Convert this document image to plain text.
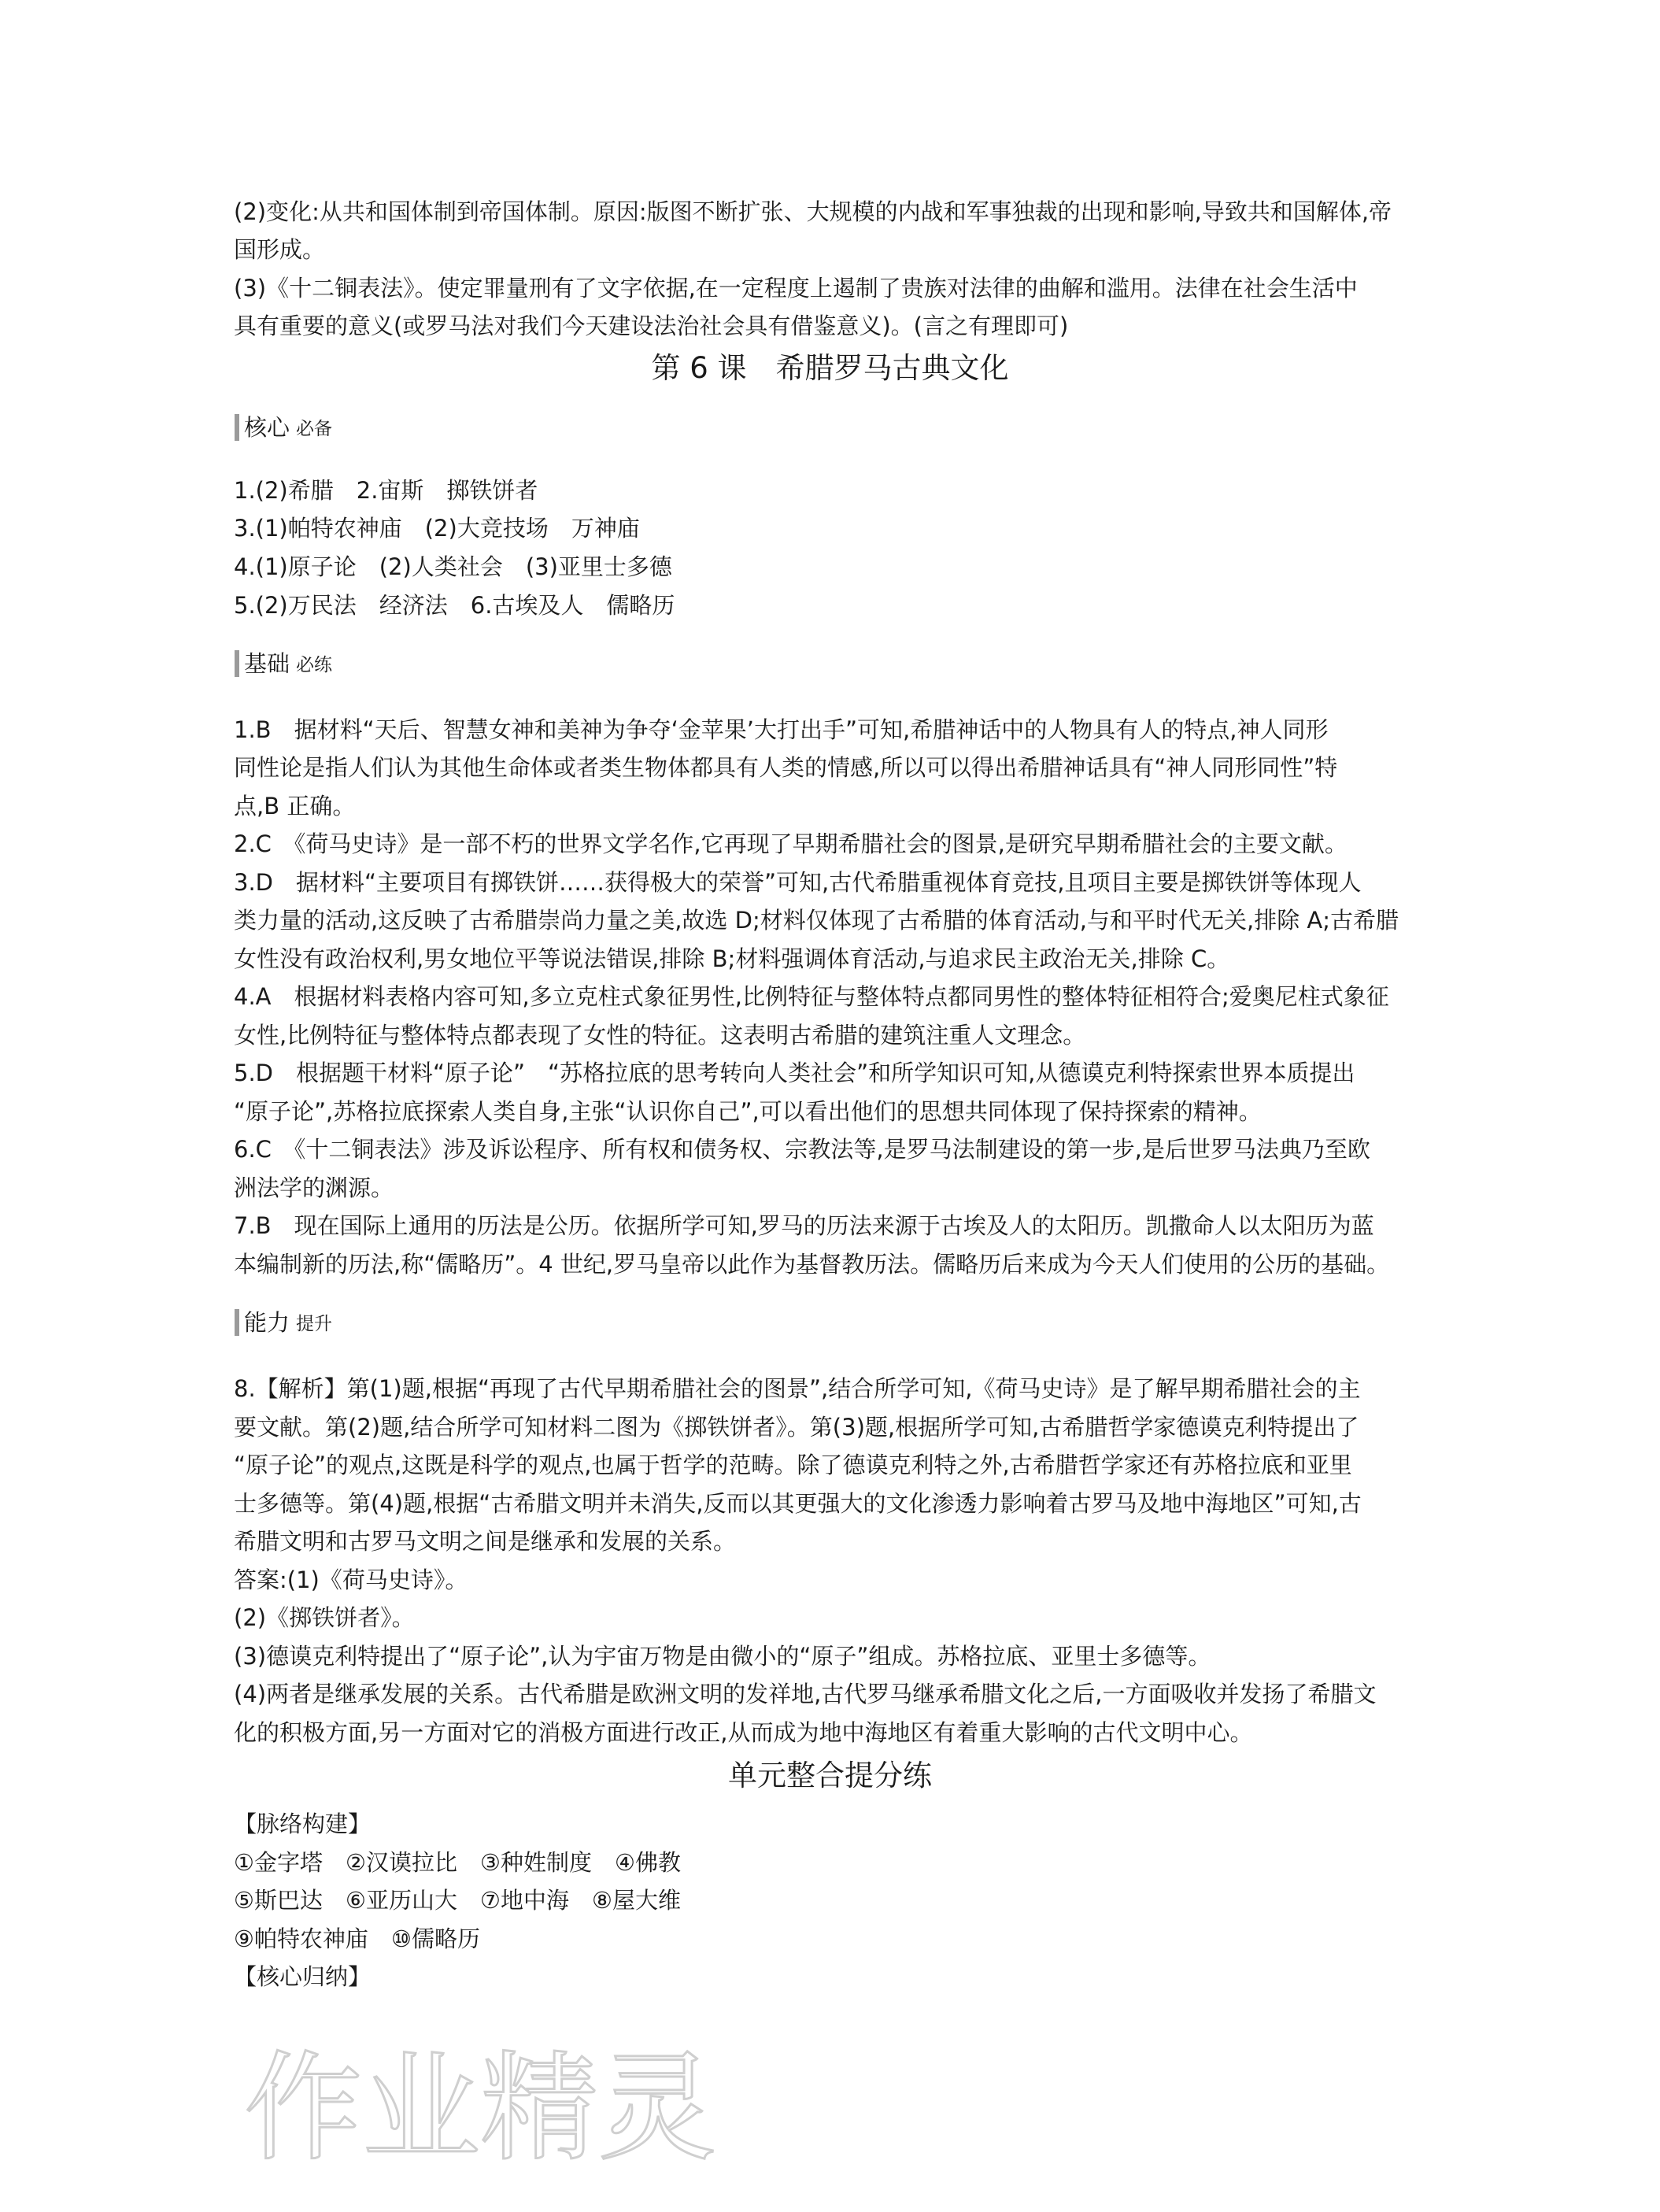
(2)变化:从共和国体制到帝国体制。原因:版图不断扩张、大规模的内战和军事独裁的出现和影响,导致共和国解体,帝
国形成。
(3)《十二铜表法》。使定罪量刑有了文字依据,在一定程度上遏制了贵族对法律的曲解和滥用。法律在社会生活中
具有重要的意义(或罗马法对我们今天建设法治社会具有借鉴意义)。(言之有理即可)
第 6 课　希腊罗马古典文化
核心 必备
1.(2)希腊　2.宙斯　掷铁饼者
3.(1)帕特农神庙　(2)大竞技场　万神庙
4.(1)原子论　(2)人类社会　(3)亚里士多德
5.(2)万民法　经济法　6.古埃及人　儒略历
基础 必练
1.B　据材料“天后、智慧女神和美神为争夺‘金苹果’大打出手”可知,希腊神话中的人物具有人的特点,神人同形
同性论是指人们认为其他生命体或者类生物体都具有人类的情感,所以可以得出希腊神话具有“神人同形同性”特
点,B 正确。
2.C　《荷马史诗》是一部不朽的世界文学名作,它再现了早期希腊社会的图景,是研究早期希腊社会的主要文献。
3.D　据材料“主要项目有掷铁饼……获得极大的荣誉”可知,古代希腊重视体育竞技,且项目主要是掷铁饼等体现人
类力量的活动,这反映了古希腊崇尚力量之美,故选 D;材料仅体现了古希腊的体育活动,与和平时代无关,排除 A;古希腊
女性没有政治权利,男女地位平等说法错误,排除 B;材料强调体育活动,与追求民主政治无关,排除 C。
4.A　根据材料表格内容可知,多立克柱式象征男性,比例特征与整体特点都同男性的整体特征相符合;爱奥尼柱式象征
女性,比例特征与整体特点都表现了女性的特征。这表明古希腊的建筑注重人文理念。
5.D　根据题干材料“原子论”　“苏格拉底的思考转向人类社会”和所学知识可知,从德谟克利特探索世界本质提出
“原子论”,苏格拉底探索人类自身,主张“认识你自己”,可以看出他们的思想共同体现了保持探索的精神。
6.C　《十二铜表法》涉及诉讼程序、所有权和债务权、宗教法等,是罗马法制建设的第一步,是后世罗马法典乃至欧
洲法学的渊源。
7.B　现在国际上通用的历法是公历。依据所学可知,罗马的历法来源于古埃及人的太阳历。凯撒命人以太阳历为蓝
本编制新的历法,称“儒略历”。4 世纪,罗马皇帝以此作为基督教历法。儒略历后来成为今天人们使用的公历的基础。
能力 提升
8.【解析】第(1)题,根据“再现了古代早期希腊社会的图景”,结合所学可知,《荷马史诗》是了解早期希腊社会的主
要文献。第(2)题,结合所学可知材料二图为《掷铁饼者》。第(3)题,根据所学可知,古希腊哲学家德谟克利特提出了
“原子论”的观点,这既是科学的观点,也属于哲学的范畴。除了德谟克利特之外,古希腊哲学家还有苏格拉底和亚里
士多德等。第(4)题,根据“古希腊文明并未消失,反而以其更强大的文化渗透力影响着古罗马及地中海地区”可知,古
希腊文明和古罗马文明之间是继承和发展的关系。
答案:(1)《荷马史诗》。
(2)《掷铁饼者》。
(3)德谟克利特提出了“原子论”,认为宇宙万物是由微小的“原子”组成。苏格拉底、亚里士多德等。
(4)两者是继承发展的关系。古代希腊是欧洲文明的发祥地,古代罗马继承希腊文化之后,一方面吸收并发扬了希腊文
化的积极方面,另一方面对它的消极方面进行改正,从而成为地中海地区有着重大影响的古代文明中心。
单元整合提分练
【脉络构建】
①金字塔　②汉谟拉比　③种姓制度　④佛教
⑤斯巴达　⑥亚历山大　⑦地中海　⑧屋大维
⑨帕特农神庙　⑩儒略历
【核心归纳】
作业精灵
